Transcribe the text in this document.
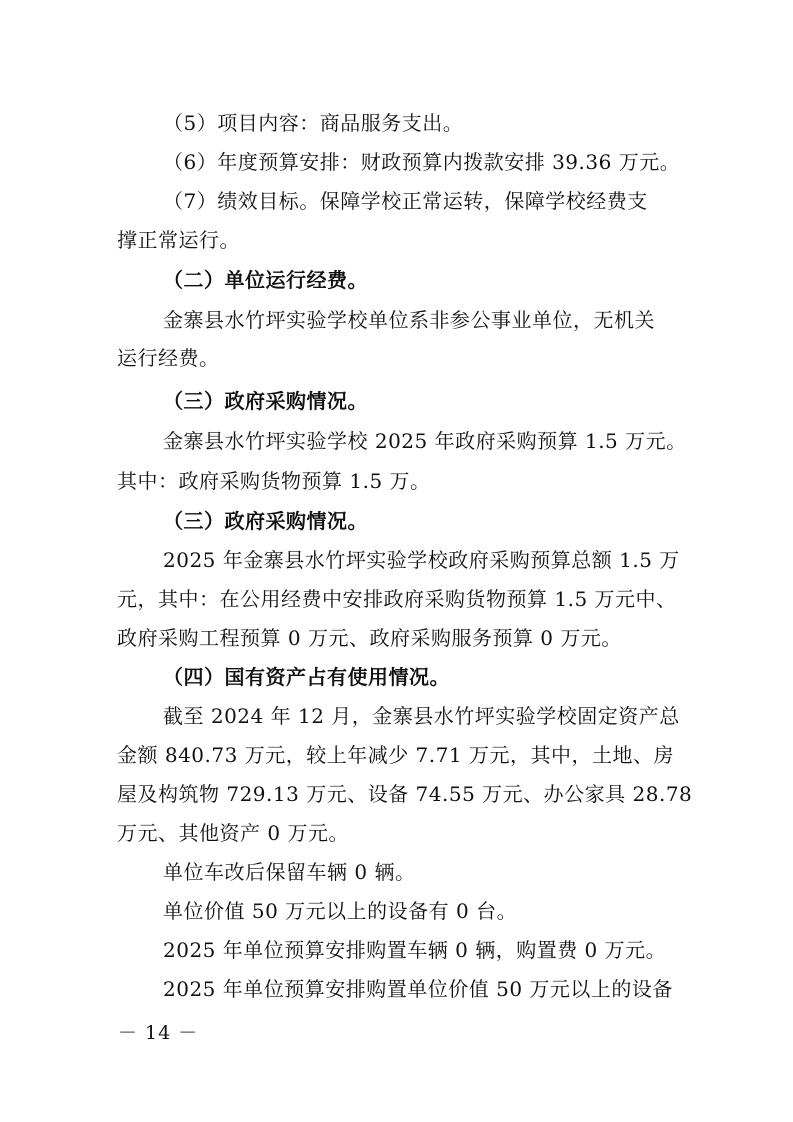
（5）项目内容：商品服务支出。
（6）年度预算安排：财政预算内拨款安排 39.36 万元。
（7）绩效目标。保障学校正常运转，保障学校经费支
撑正常运行。
（二）单位运行经费。
金寨县水竹坪实验学校单位系非参公事业单位，无机关
运行经费。
（三）政府采购情况。
金寨县水竹坪实验学校 2025 年政府采购预算 1.5 万元。
其中：政府采购货物预算 1.5 万。
（三）政府采购情况。
2025 年金寨县水竹坪实验学校政府采购预算总额 1.5 万
元，其中：在公用经费中安排政府采购货物预算 1.5 万元中、
政府采购工程预算 0 万元、政府采购服务预算 0 万元。
（四）国有资产占有使用情况。
截至 2024 年 12 月，金寨县水竹坪实验学校固定资产总
金额 840.73 万元，较上年减少 7.71 万元，其中，土地、房
屋及构筑物 729.13 万元、设备 74.55 万元、办公家具 28.78
万元、其他资产 0 万元。
单位车改后保留车辆 0 辆。
单位价值 50 万元以上的设备有 0 台。
2025 年单位预算安排购置车辆 0 辆，购置费 0 万元。
2025 年单位预算安排购置单位价值 50 万元以上的设备
－ 14 －
